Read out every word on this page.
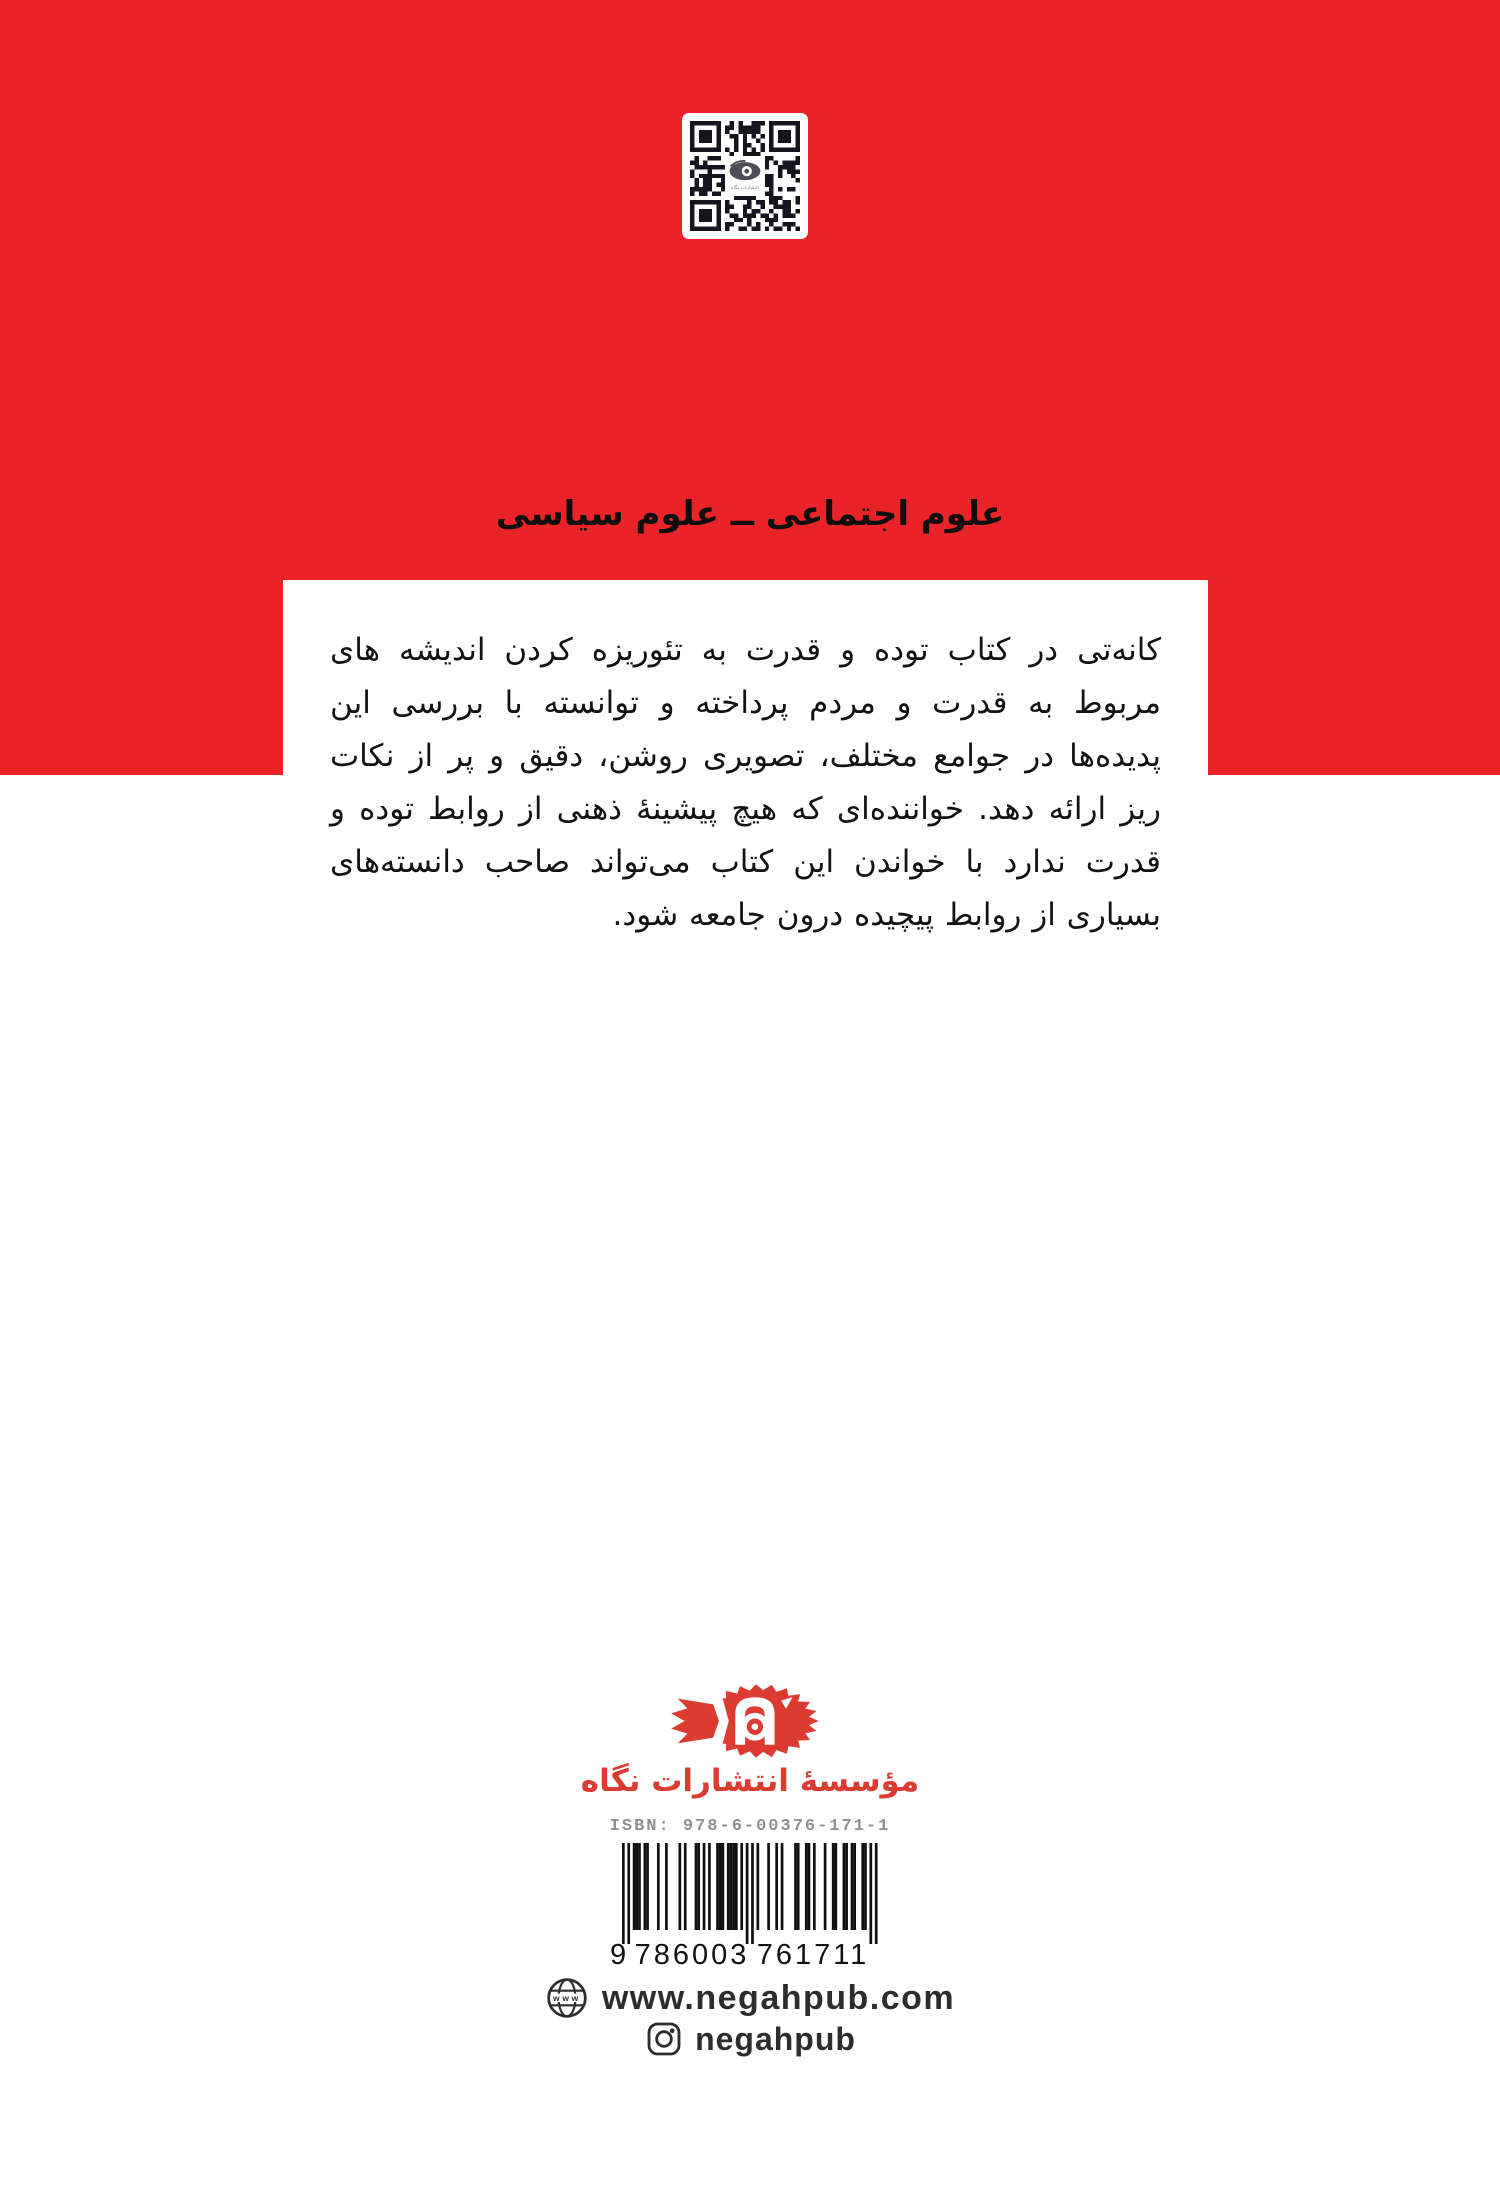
انتشارات نگاه
علوم اجتماعی ــ علوم سیاسی

کانه‌تی در کتاب توده و قدرت به تئوریزه کردن اندیشه های مربوط به قدرت و مردم پرداخته و توانسته با بررسی این پدیده‌ها در جوامع مختلف، تصویری روشن، دقیق و پر از نکات ریز ارائه دهد. خواننده‌ای که هیچ پیشینهٔ ذهنی از روابط توده و قدرت ندارد با خواندن این کتاب می‌تواند صاحب دانسته‌های بسیاری از روابط پیچیده درون جامعه شود.

مؤسسهٔ انتشارات نگاه
ISBN: 978-6-00376-171-1
9 786003 761711
www www.negahpub.com
negahpub
